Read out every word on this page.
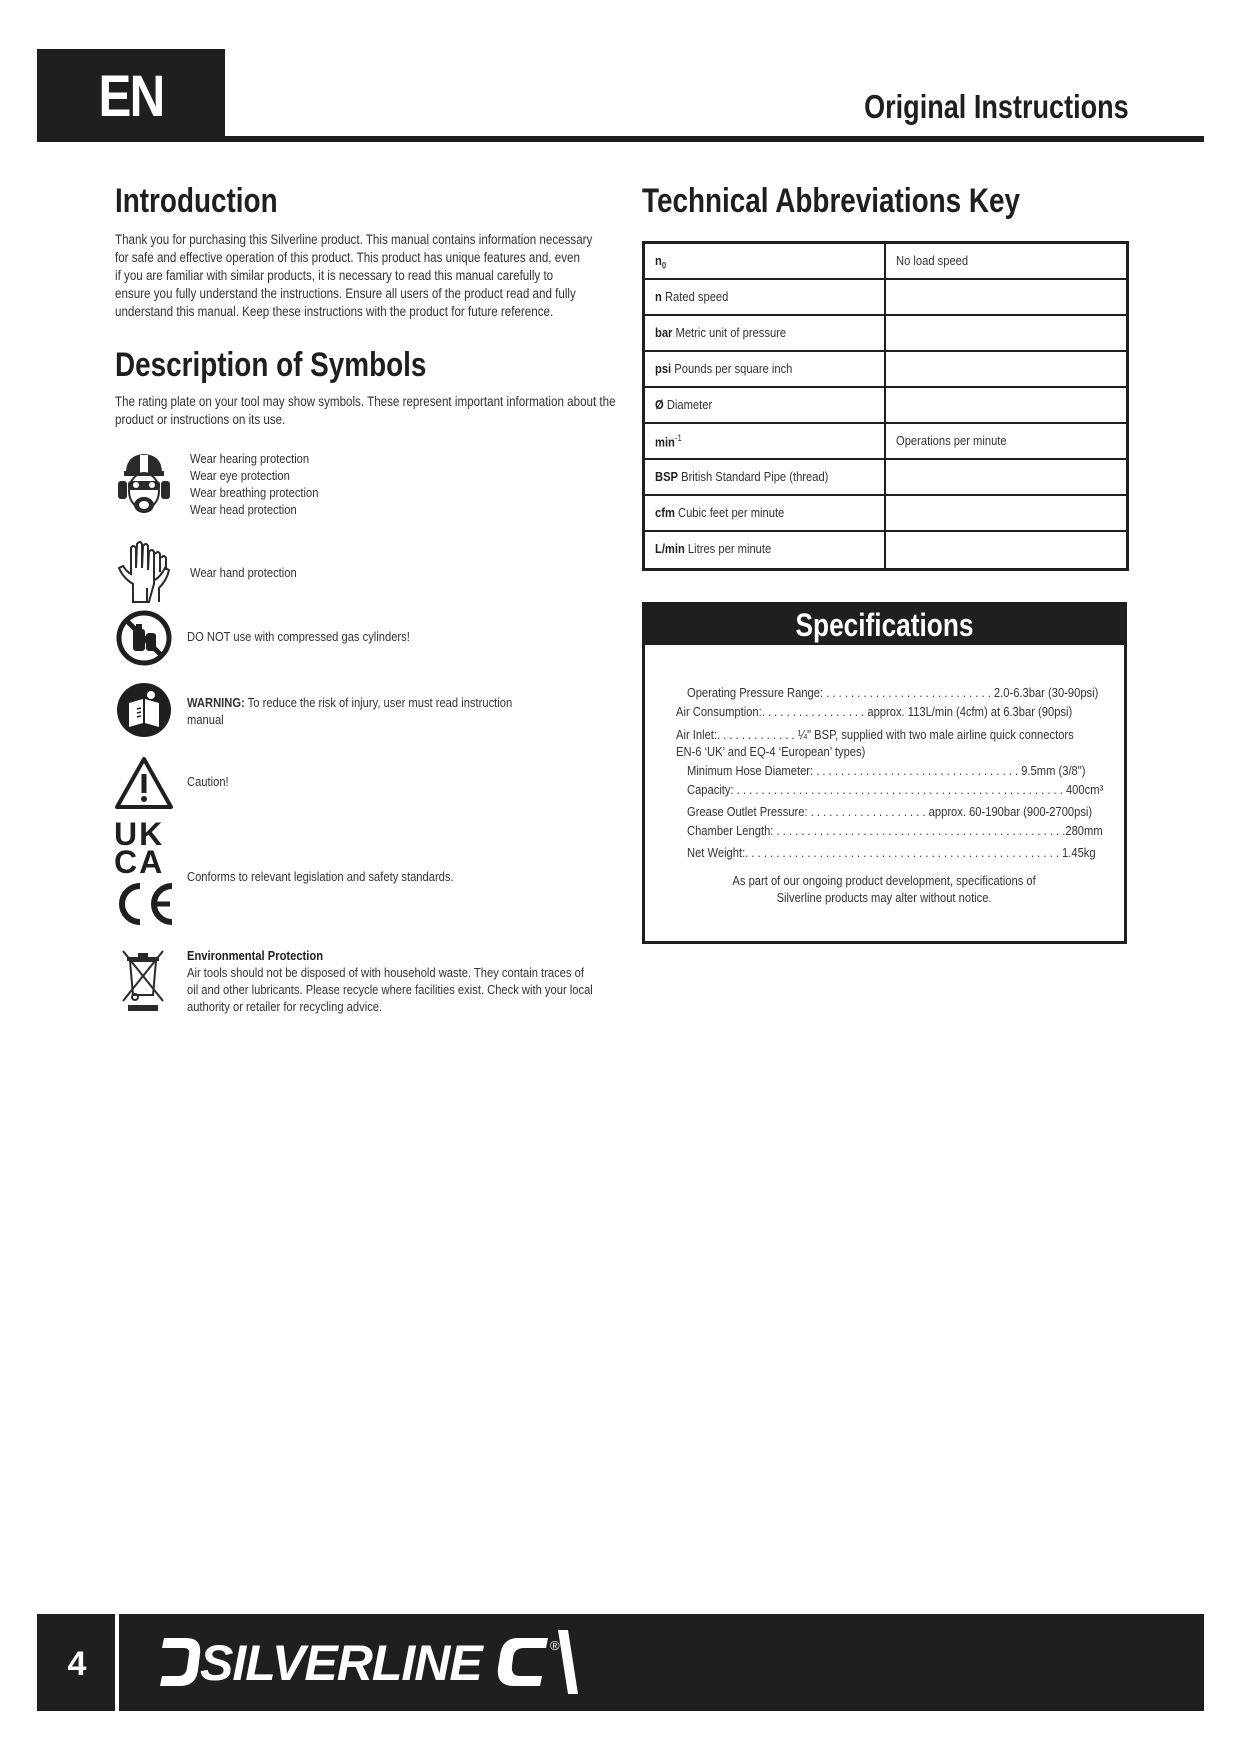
EN	Original Instructions
Introduction
Thank you for purchasing this Silverline product. This manual contains information necessary
for safe and effective operation of this product. This product has unique features and, even
if you are familiar with similar products, it is necessary to read this manual carefully to
ensure you fully understand the instructions. Ensure all users of the product read and fully
understand this manual. Keep these instructions with the product for future reference.
Description of Symbols
The rating plate on your tool may show symbols. These represent important information about the
product or instructions on its use.
Wear hearing protection
Wear eye protection
Wear breathing protection
Wear head protection
Wear hand protection
DO NOT use with compressed gas cylinders!
WARNING: To reduce the risk of injury, user must read instruction
manual
Caution!
UK
CA	Conforms to relevant legislation and safety standards.
Environmental Protection
Air tools should not be disposed of with household waste. They contain traces of
oil and other lubricants. Please recycle where facilities exist. Check with your local
authority or retailer for recycling advice.
Technical Abbreviations Key
$n_0$	No load speed
n Rated speed
bar Metric unit of pressure
psi Pounds per square inch
Ø Diameter
$\min^{-1}$	Operations per minute
BSP British Standard Pipe (thread)
cfm Cubic feet per minute
L/min Litres per minute
Specifications
Operating Pressure Range: . . . . . . . . . . . . . . . . . . . . . . . . . . . 2.0-6.3bar (30-90psi)
Air Consumption:. . . . . . . . . . . . . . . . . approx. 113L/min (4cfm) at 6.3bar (90psi)
Air Inlet:. . . . . . . . . . . . . ¼" BSP, supplied with two male airline quick connectors
EN-6 ‘UK’ and EQ-4 ‘European’ types)
Minimum Hose Diameter: . . . . . . . . . . . . . . . . . . . . . . . . . . . . . . . . . 9.5mm (3/8")
Capacity: . . . . . . . . . . . . . . . . . . . . . . . . . . . . . . . . . . . . . . . . . . . . . . . . . . . . . 400cm³
Grease Outlet Pressure: . . . . . . . . . . . . . . . . . . . approx. 60-190bar (900-2700psi)
Chamber Length: . . . . . . . . . . . . . . . . . . . . . . . . . . . . . . . . . . . . . . . . . . . . . . .280mm
Net Weight:. . . . . . . . . . . . . . . . . . . . . . . . . . . . . . . . . . . . . . . . . . . . . . . . . . . 1.45kg
As part of our ongoing product development, specifications of
Silverline products may alter without notice.
4	SILVERLINE	®
